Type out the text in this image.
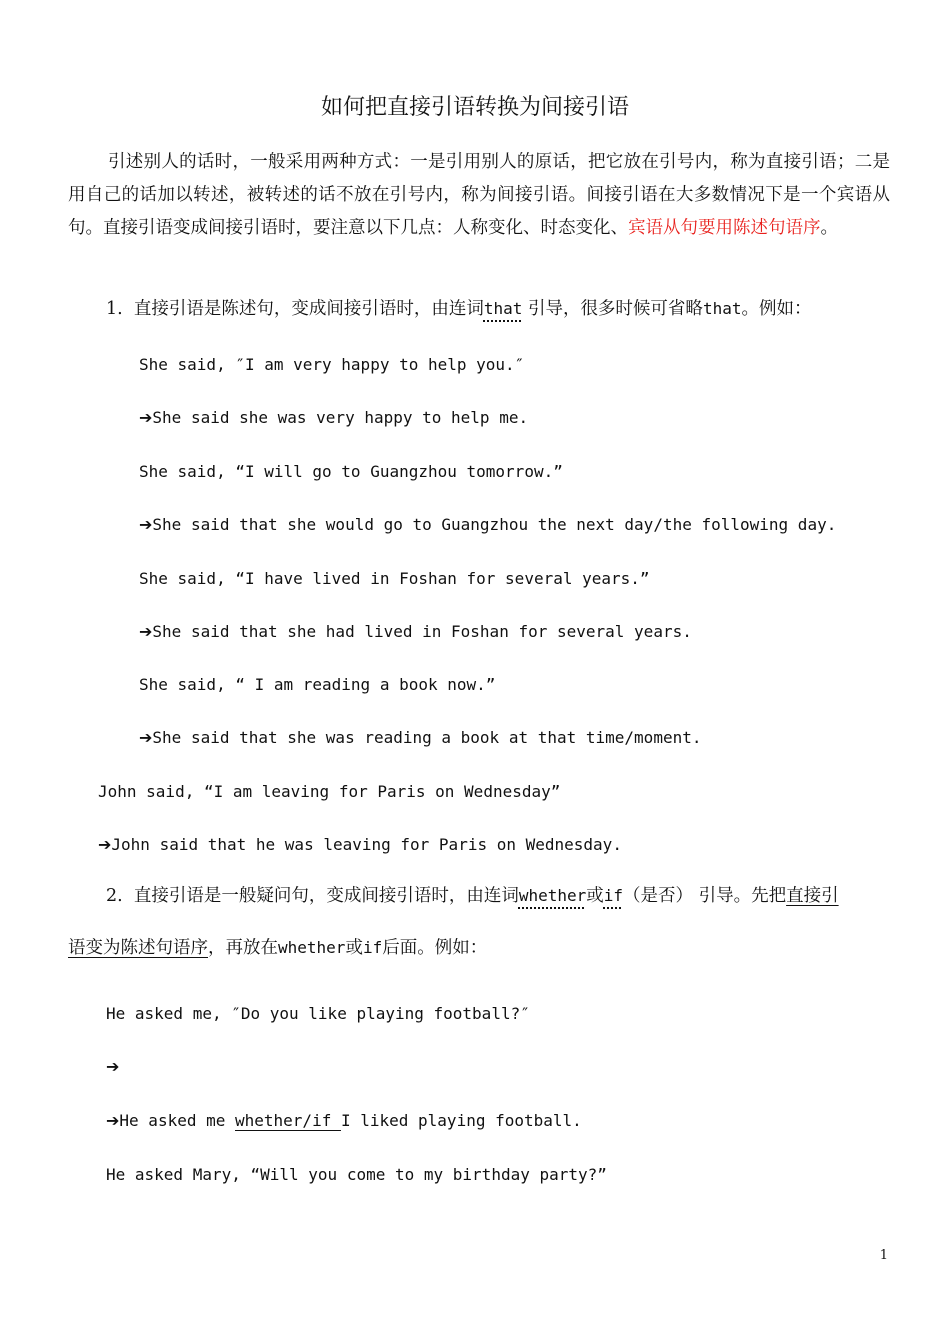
如何把直接引语转换为间接引语
引述别人的话时，一般采用两种方式：一是引用别人的原话，把它放在引号内，称为直接引语；二是用自己的话加以转述，被转述的话不放在引号内，称为间接引语。间接引语在大多数情况下是一个宾语从句。直接引语变成间接引语时，要注意以下几点：人称变化、时态变化、宾语从句要用陈述句语序。
1. 直接引语是陈述句，变成间接引语时，由连词that 引导，很多时候可省略that。例如：
She said, ″I am very happy to help you.″
➔She said she was very happy to help me.
She said, “I will go to Guangzhou tomorrow.”
➔She said that she would go to Guangzhou the next day/the following day.
She said, “I have lived in Foshan for several years.”
➔She said that she had lived in Foshan for several years.
She said, “ I am reading a book now.”
➔She said that she was reading a book at that time/moment.
John said, “I am leaving for Paris on Wednesday”
➔John said that he was leaving for Paris on Wednesday.
2. 直接引语是一般疑问句，变成间接引语时，由连词whether或if（是否） 引导。先把直接引
语变为陈述句语序，再放在whether或if后面。例如：
He asked me, ″Do you like playing football?″
➔
➔He asked me whether/if I liked playing football.
He asked Mary, “Will you come to my birthday party?”
1
